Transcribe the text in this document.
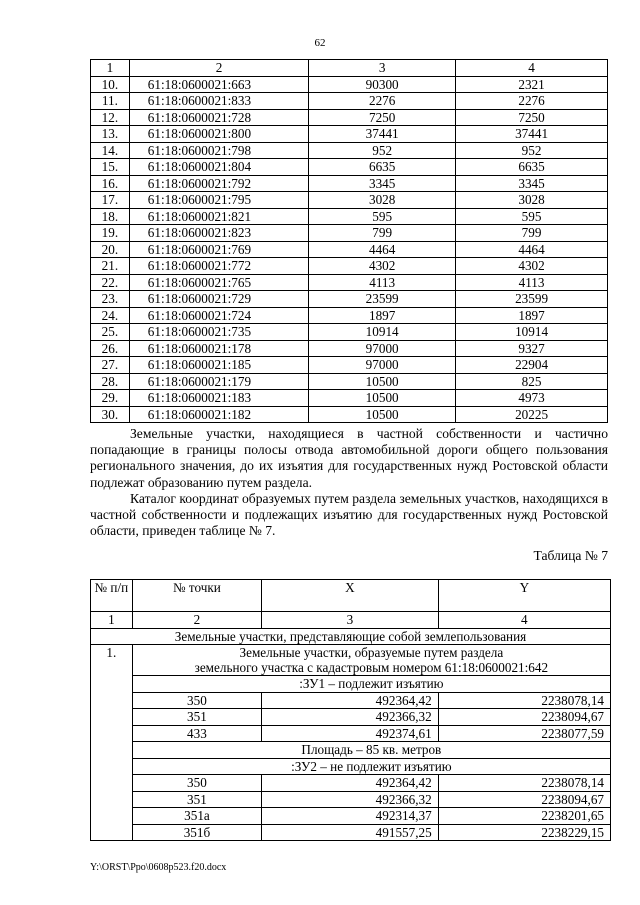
62
1	2	3	4
10.	61:18:0600021:663	90300	2321
11.	61:18:0600021:833	2276	2276
12.	61:18:0600021:728	7250	7250
13.	61:18:0600021:800	37441	37441
14.	61:18:0600021:798	952	952
15.	61:18:0600021:804	6635	6635
16.	61:18:0600021:792	3345	3345
17.	61:18:0600021:795	3028	3028
18.	61:18:0600021:821	595	595
19.	61:18:0600021:823	799	799
20.	61:18:0600021:769	4464	4464
21.	61:18:0600021:772	4302	4302
22.	61:18:0600021:765	4113	4113
23.	61:18:0600021:729	23599	23599
24.	61:18:0600021:724	1897	1897
25.	61:18:0600021:735	10914	10914
26.	61:18:0600021:178	97000	9327
27.	61:18:0600021:185	97000	22904
28.	61:18:0600021:179	10500	825
29.	61:18:0600021:183	10500	4973
30.	61:18:0600021:182	10500	20225
Земельные участки, находящиеся в частной собственности и частично попадающие в границы полосы отвода автомобильной дороги общего пользования регионального значения, до их изъятия для государственных нужд Ростовской области подлежат образованию путем раздела.
Каталог координат образуемых путем раздела земельных участков, находящихся в частной собственности и подлежащих изъятию для государственных нужд Ростовской области, приведен таблице № 7.
Таблица № 7
№ п/п	№ точки	X	Y
1	2	3	4
Земельные участки, представляющие собой землепользования			
1.	Земельные участки, образуемые путем раздела
земельного участка с кадастровым номером 61:18:0600021:642		
	:ЗУ1 – подлежит изъятию		
	350	492364,42	2238078,14
	351	492366,32	2238094,67
	433	492374,61	2238077,59
	Площадь – 85 кв. метров		
	:ЗУ2 – не подлежит изъятию		
	350	492364,42	2238078,14
	351	492366,32	2238094,67
	351а	492314,37	2238201,65
	351б	491557,25	2238229,15
Y:\ORST\Ppo\0608p523.f20.docx
